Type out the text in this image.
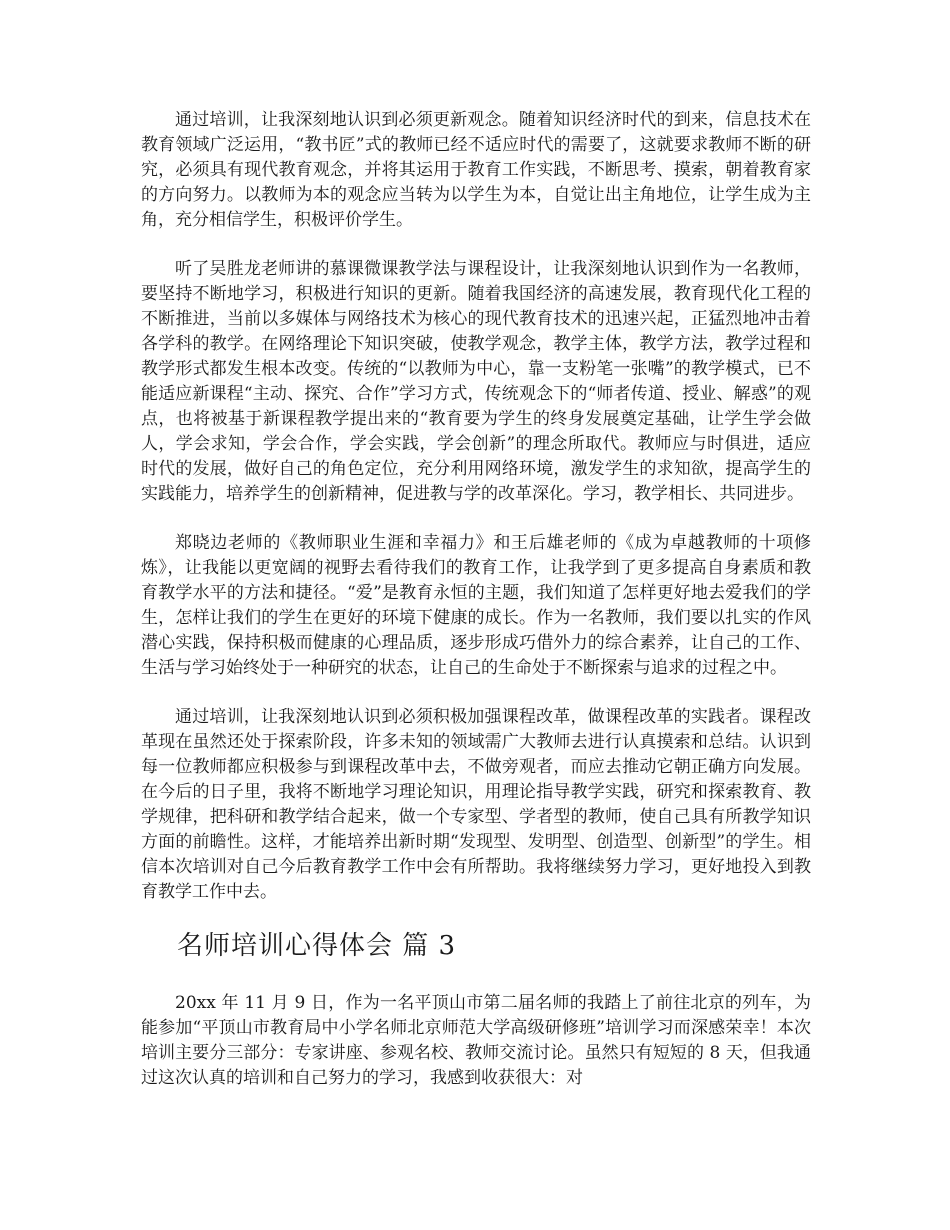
通过培训，让我深刻地认识到必须更新观念。随着知识经济时代的到来，信息技术在教育领域广泛运用，“教书匠”式的教师已经不适应时代的需要了，这就要求教师不断的研究，必须具有现代教育观念，并将其运用于教育工作实践，不断思考、摸索，朝着教育家的方向努力。以教师为本的观念应当转为以学生为本，自觉让出主角地位，让学生成为主角，充分相信学生，积极评价学生。

听了吴胜龙老师讲的慕课微课教学法与课程设计，让我深刻地认识到作为一名教师，要坚持不断地学习，积极进行知识的更新。随着我国经济的高速发展，教育现代化工程的不断推进，当前以多媒体与网络技术为核心的现代教育技术的迅速兴起，正猛烈地冲击着各学科的教学。在网络理论下知识突破，使教学观念，教学主体，教学方法，教学过程和教学形式都发生根本改变。传统的“以教师为中心，靠一支粉笔一张嘴”的教学模式，已不能适应新课程“主动、探究、合作”学习方式，传统观念下的“师者传道、授业、解惑”的观点，也将被基于新课程教学提出来的“教育要为学生的终身发展奠定基础，让学生学会做人，学会求知，学会合作，学会实践，学会创新”的理念所取代。教师应与时俱进，适应时代的发展，做好自己的角色定位，充分利用网络环境，激发学生的求知欲，提高学生的实践能力，培养学生的创新精神，促进教与学的改革深化。学习，教学相长、共同进步。

郑晓边老师的《教师职业生涯和幸福力》和王后雄老师的《成为卓越教师的十项修炼》，让我能以更宽阔的视野去看待我们的教育工作，让我学到了更多提高自身素质和教育教学水平的方法和捷径。“爱”是教育永恒的主题，我们知道了怎样更好地去爱我们的学生，怎样让我们的学生在更好的环境下健康的成长。作为一名教师，我们要以扎实的作风潜心实践，保持积极而健康的心理品质，逐步形成巧借外力的综合素养，让自己的工作、生活与学习始终处于一种研究的状态，让自己的生命处于不断探索与追求的过程之中。

通过培训，让我深刻地认识到必须积极加强课程改革，做课程改革的实践者。课程改革现在虽然还处于探索阶段，许多未知的领域需广大教师去进行认真摸索和总结。认识到每一位教师都应积极参与到课程改革中去，不做旁观者，而应去推动它朝正确方向发展。在今后的日子里，我将不断地学习理论知识，用理论指导教学实践，研究和探索教育、教学规律，把科研和教学结合起来，做一个专家型、学者型的教师，使自己具有所教学知识方面的前瞻性。这样，才能培养出新时期“发现型、发明型、创造型、创新型”的学生。相信本次培训对自己今后教育教学工作中会有所帮助。我将继续努力学习，更好地投入到教育教学工作中去。

名师培训心得体会 篇 3

20xx 年 11 月 9 日，作为一名平顶山市第二届名师的我踏上了前往北京的列车，为能参加“平顶山市教育局中小学名师北京师范大学高级研修班”培训学习而深感荣幸！本次培训主要分三部分：专家讲座、参观名校、教师交流讨论。虽然只有短短的 8 天，但我通过这次认真的培训和自己努力的学习，我感到收获很大：对
